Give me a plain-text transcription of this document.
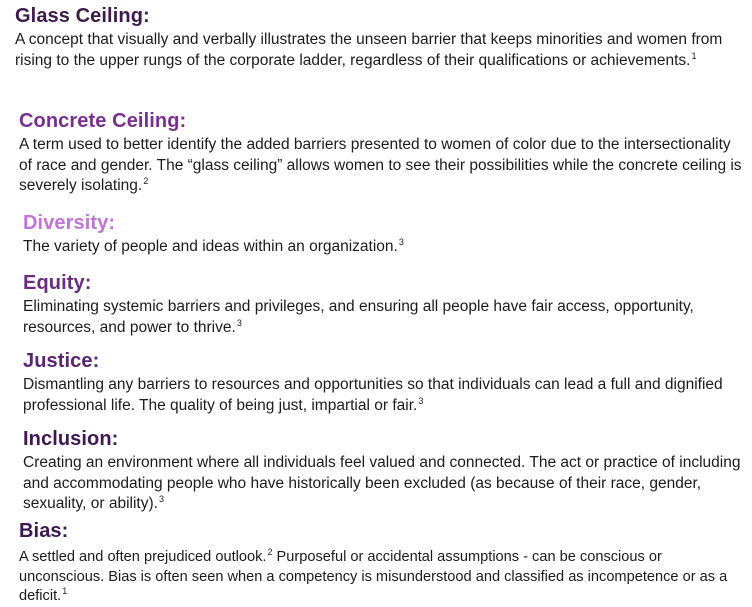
Glass Ceiling:

A concept that visually and verbally illustrates the unseen barrier that keeps minorities and women from rising to the upper rungs of the corporate ladder, regardless of their qualifications or achievements.$^1$

Concrete Ceiling:

A term used to better identify the added barriers presented to women of color due to the intersectionality of race and gender. The “glass ceiling” allows women to see their possibilities while the concrete ceiling is severely isolating.$^2$

Diversity:

The variety of people and ideas within an organization.$^3$

Equity:

Eliminating systemic barriers and privileges, and ensuring all people have fair access, opportunity, resources, and power to thrive.$^3$

Justice:

Dismantling any barriers to resources and opportunities so that individuals can lead a full and dignified professional life. The quality of being just, impartial or fair.$^3$

Inclusion:

Creating an environment where all individuals feel valued and connected. The act or practice of including and accommodating people who have historically been excluded (as because of their race, gender, sexuality, or ability).$^3$

Bias:

A settled and often prejudiced outlook.$^2$ Purposeful or accidental assumptions - can be conscious or unconscious. Bias is often seen when a competency is misunderstood and classified as incompetence or as a deficit.$^1$
